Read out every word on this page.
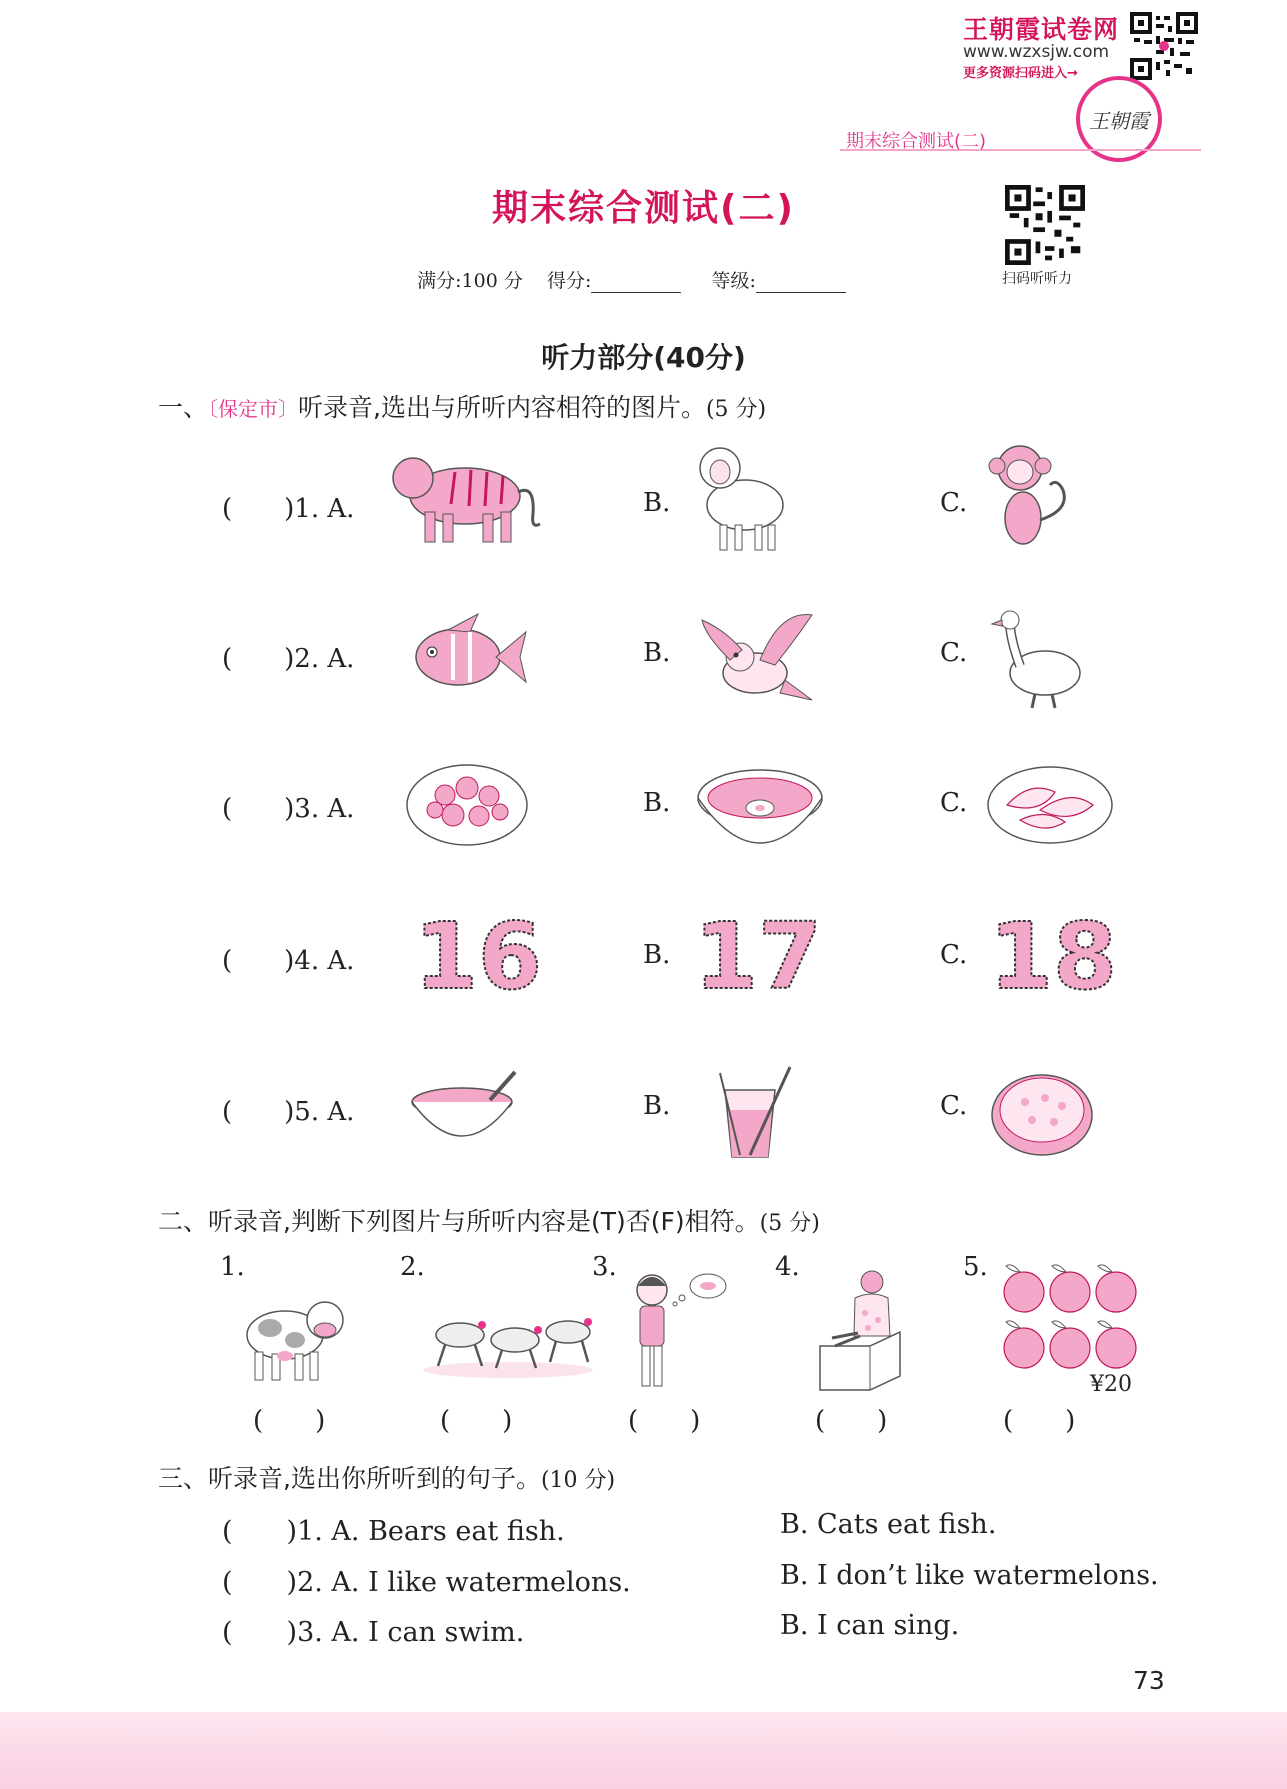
王朝霞试卷网
www.wzxsjw.com
更多资源扫码进入→
王朝霞
期末综合测试(二)
期末综合测试(二)
扫码听听力
满分:100 分 得分:	等级:
听力部分(40分)
一、〔保定市〕听录音,选出与所听内容相符的图片。(5 分)
(　　)1. A.	B.	C.
(　　)2. A.	B.	C.
(　　)3. A.	B.	C.
(　　)4. A.	B.	C.
16 17 18
(　　)5. A.	B.	C.
二、听录音,判断下列图片与所听内容是(T)否(F)相符。(5 分)
1.	2.	3.	4.	5.
¥20
(　　)	(　　)	(　　)	(　　)	(　　)
三、听录音,选出你所听到的句子。(10 分)
(　　)1. A. Bears eat fish.	B. Cats eat fish.
(　　)2. A. I like watermelons.	B. I don’t like watermelons.
(　　)3. A. I can swim.	B. I can sing.
73
